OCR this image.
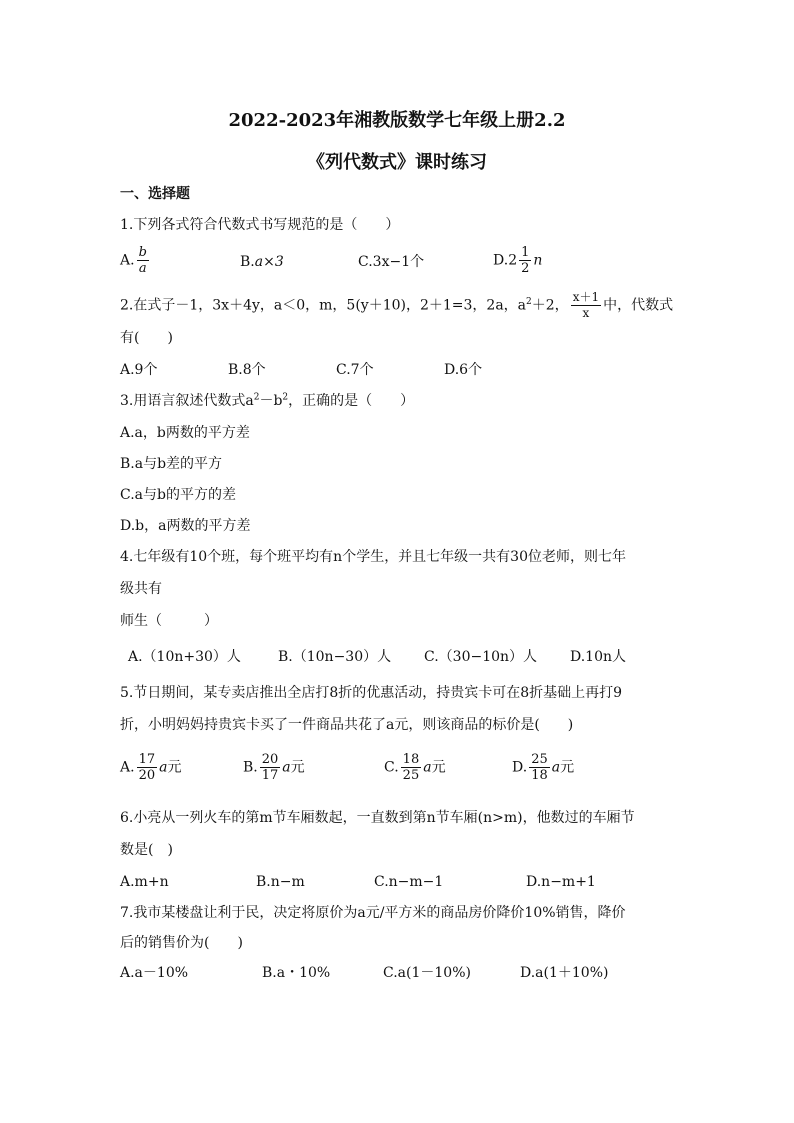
2022-2023年湘教版数学七年级上册2.2
《列代数式》课时练习
一、选择题
1.下列各式符合代数式书写规范的是（　　）
A. $\frac{b}{a}$	B.a×3	C.3x−1个	$D.2 \frac{1}{2}$ n
2.在式子－1，3x＋4y，a＜0，m，5(y＋10)，2＋1=3，2a，$a^2+2$， $\frac{x+1}{x}$ 中，代数式
有(　　)
A.9个	B.8个	C.7个	D.6个
3.用语言叙述代数式$a^2-b^2$，正确的是（　　）
A.a，b两数的平方差
B.a与b差的平方
C.a与b的平方的差
D.b，a两数的平方差
4.七年级有10个班，每个班平均有n个学生，并且七年级一共有30位老师，则七年
级共有
师生（　　　）
A.（10n+30）人	B.（10n−30）人 C.（30−10n）人 D.10n人
5.节日期间，某专卖店推出全店打8折的优惠活动，持贵宾卡可在8折基础上再打9
折，小明妈妈持贵宾卡买了一件商品共花了a元，则该商品的标价是(　　)
A. $\frac{17}{20}$ a元	B. $\frac{20}{17}$ a元	C. $\frac{18}{25}$ a元	D. $\frac{25}{18}$ a元
6.小亮从一列火车的第m节车厢数起，一直数到第n节车厢(n>m)，他数过的车厢节
数是(　)
A.m+n	B.n−m	C.n−m−1	D.n−m+1
7.我市某楼盘让利于民，决定将原价为a元/平方米的商品房价降价10%销售，降价
后的销售价为(　　)
A.a－10%	B.a・10%	C.a(1－10%)	D.a(1＋10%)
